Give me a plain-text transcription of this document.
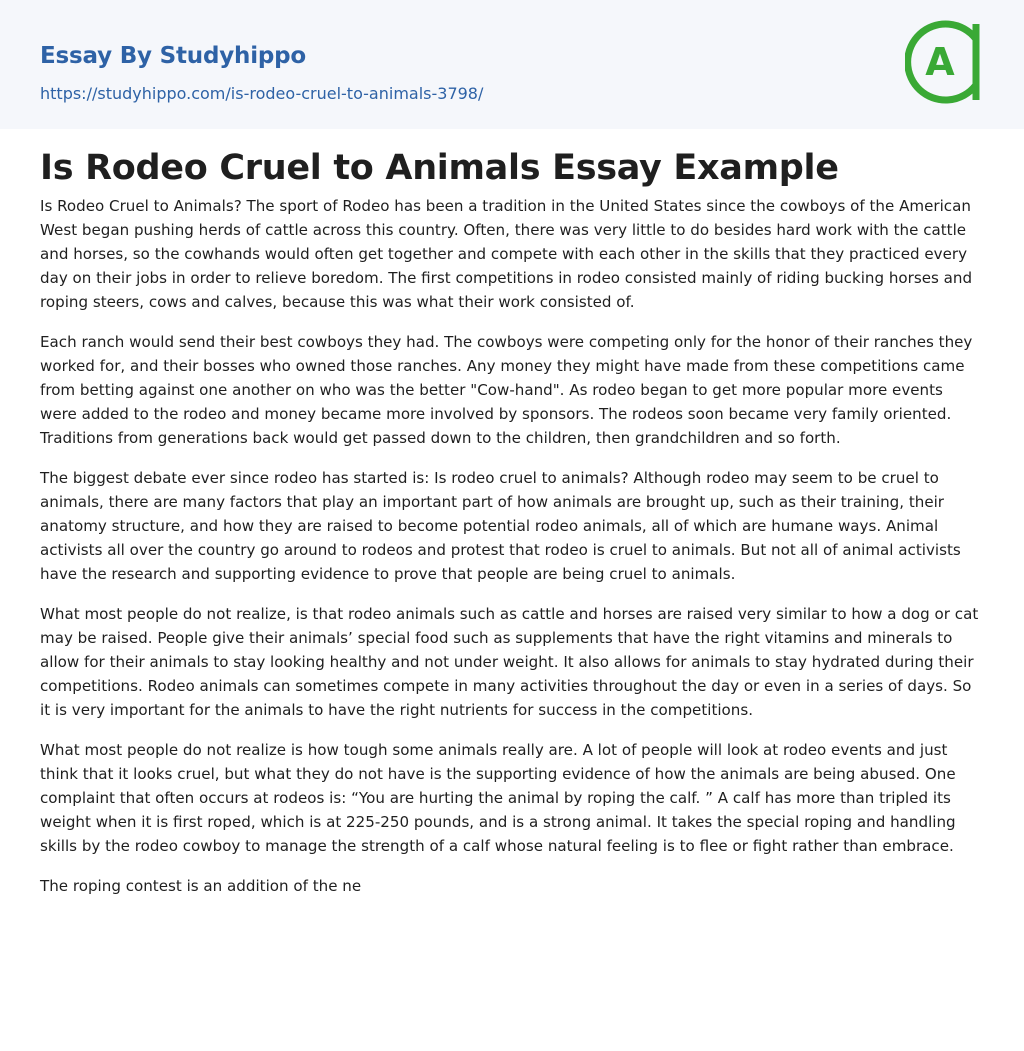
Essay By Studyhippo
https://studyhippo.com/is-rodeo-cruel-to-animals-3798/
A
Is Rodeo Cruel to Animals Essay Example

Is Rodeo Cruel to Animals? The sport of Rodeo has been a tradition in the United States since the cowboys of the American West began pushing herds of cattle across this country. Often, there was very little to do besides hard work with the cattle and horses, so the cowhands would often get together and compete with each other in the skills that they practiced every day on their jobs in order to relieve boredom. The first competitions in rodeo consisted mainly of riding bucking horses and roping steers, cows and calves, because this was what their work consisted of.

Each ranch would send their best cowboys they had. The cowboys were competing only for the honor of their ranches they worked for, and their bosses who owned those ranches. Any money they might have made from these competitions came from betting against one another on who was the better "Cow-hand". As rodeo began to get more popular more events were added to the rodeo and money became more involved by sponsors. The rodeos soon became very family oriented. Traditions from generations back would get passed down to the children, then grandchildren and so forth.

The biggest debate ever since rodeo has started is: Is rodeo cruel to animals? Although rodeo may seem to be cruel to animals, there are many factors that play an important part of how animals are brought up, such as their training, their anatomy structure, and how they are raised to become potential rodeo animals, all of which are humane ways. Animal activists all over the country go around to rodeos and protest that rodeo is cruel to animals. But not all of animal activists have the research and supporting evidence to prove that people are being cruel to animals.

What most people do not realize, is that rodeo animals such as cattle and horses are raised very similar to how a dog or cat may be raised. People give their animals’ special food such as supplements that have the right vitamins and minerals to allow for their animals to stay looking healthy and not under weight. It also allows for animals to stay hydrated during their competitions. Rodeo animals can sometimes compete in many activities throughout the day or even in a series of days. So it is very important for the animals to have the right nutrients for success in the competitions.

What most people do not realize is how tough some animals really are. A lot of people will look at rodeo events and just think that it looks cruel, but what they do not have is the supporting evidence of how the animals are being abused. One complaint that often occurs at rodeos is: “You are hurting the animal by roping the calf. ” A calf has more than tripled its weight when it is first roped, which is at 225-250 pounds, and is a strong animal. It takes the special roping and handling skills by the rodeo cowboy to manage the strength of a calf whose natural feeling is to flee or fight rather than embrace.

The roping contest is an addition of the ne
